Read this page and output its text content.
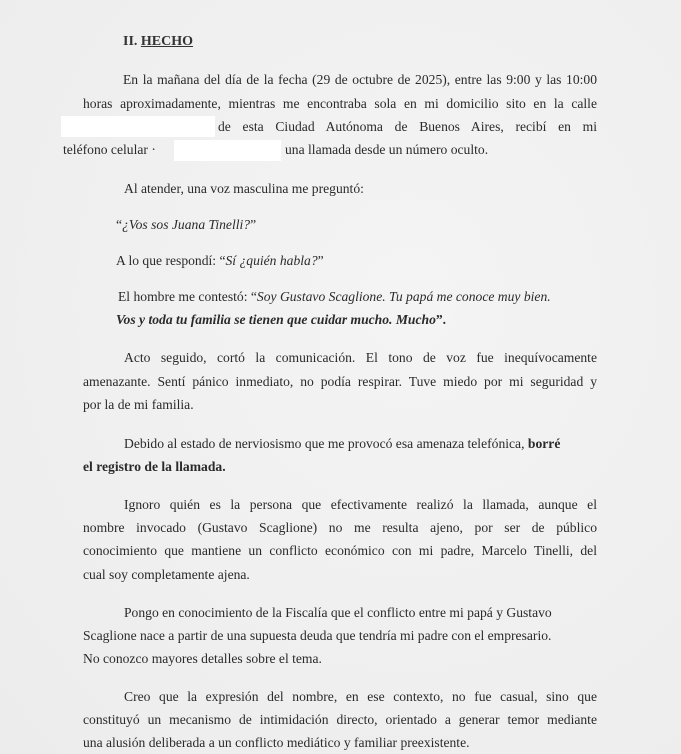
II. HECHO
En la mañana del día de la fecha (29 de octubre de 2025), entre las 9:00 y las 10:00
horas aproximadamente, mientras me encontraba sola en mi domicilio sito en la calle
de esta Ciudad Autónoma de Buenos Aires, recibí en mi
teléfono celular ·	una llamada desde un número oculto.
Al atender, una voz masculina me preguntó:
“¿Vos sos Juana Tinelli?”
A lo que respondí: “Sí ¿quién habla?”
El hombre me contestó: “Soy Gustavo Scaglione. Tu papá me conoce muy bien.
Vos y toda tu familia se tienen que cuidar mucho. Mucho”.
Acto seguido, cortó la comunicación. El tono de voz fue inequívocamente
amenazante. Sentí pánico inmediato, no podía respirar. Tuve miedo por mi seguridad y
por la de mi familia.
Debido al estado de nerviosismo que me provocó esa amenaza telefónica, borré
el registro de la llamada.
Ignoro quién es la persona que efectivamente realizó la llamada, aunque el
nombre invocado (Gustavo Scaglione) no me resulta ajeno, por ser de público
conocimiento que mantiene un conflicto económico con mi padre, Marcelo Tinelli, del
cual soy completamente ajena.
Pongo en conocimiento de la Fiscalía que el conflicto entre mi papá y Gustavo
Scaglione nace a partir de una supuesta deuda que tendría mi padre con el empresario.
No conozco mayores detalles sobre el tema.
Creo que la expresión del nombre, en ese contexto, no fue casual, sino que
constituyó un mecanismo de intimidación directo, orientado a generar temor mediante
una alusión deliberada a un conflicto mediático y familiar preexistente.
